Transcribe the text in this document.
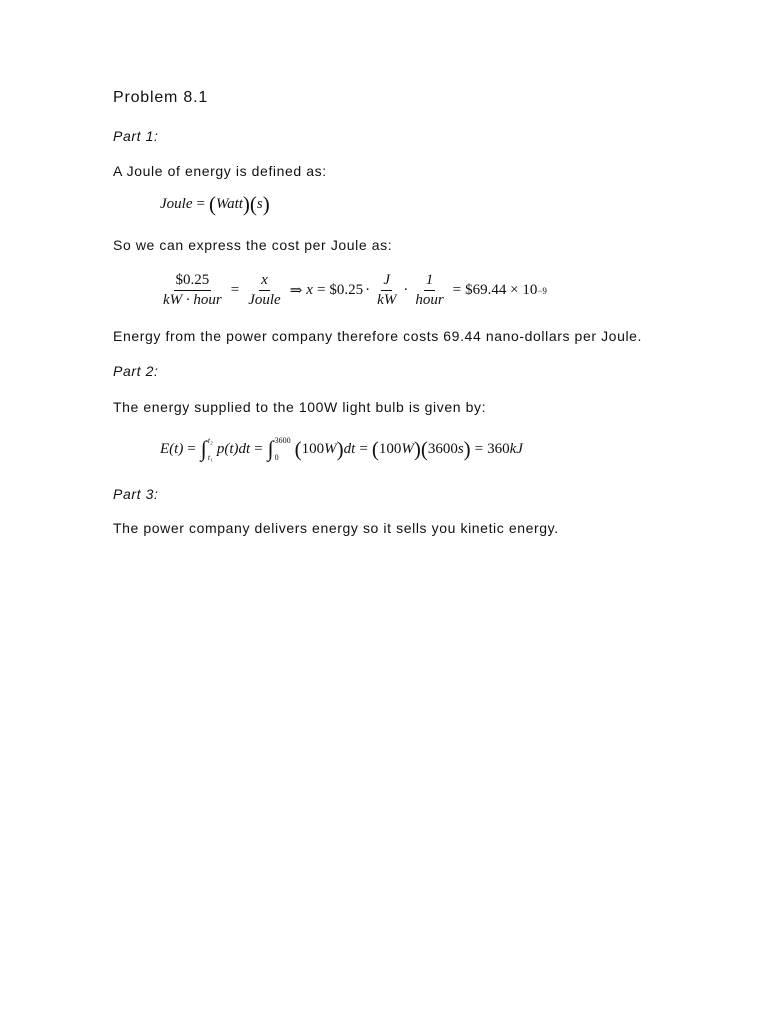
Problem 8.1
Part 1:
A Joule of energy is defined as:
Joule = ( Watt ) ( s )
So we can express the cost per Joule as:
$\frac{\$0.25}{\text{kW · hour}} = \frac{x}{\text{Joule}}$ ⇒ x = $0.25 · $\frac{J}{kW} \cdot \frac{1}{\text{hour}}$ = $69.44 × 10 −9
Energy from the power company therefore costs 69.44 nano-dollars per Joule.
Part 2:
The energy supplied to the 100W light bulb is given by:
E(t) = ∫ t₂
t₁
p(t)dt = ∫ 3600
0 ( 100 W ) dt = ( 100 W ) ( 3600 s ) = 360 kJ
Part 3:
The power company delivers energy so it sells you kinetic energy.
